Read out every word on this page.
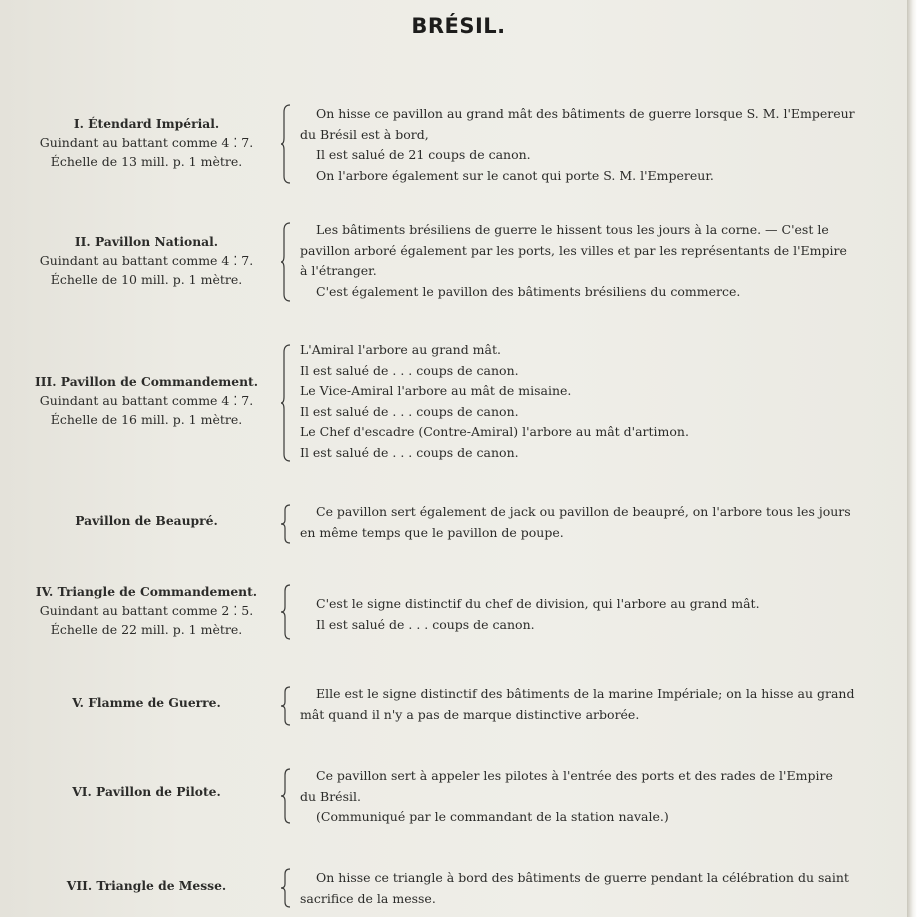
BRÉSIL.
I. Étendard Impérial.
Guindant au battant comme 4 ⁚ 7.
Échelle de 13 mill. p. 1 mètre.

On hisse ce pavillon au grand mât des bâtiments de guerre lorsque S. M. l'Empereur

du Brésil est à bord,

Il est salué de 21 coups de canon.

On l'arbore également sur le canot qui porte S. M. l'Empereur.

II. Pavillon National.
Guindant au battant comme 4 ⁚ 7.
Échelle de 10 mill. p. 1 mètre.

Les bâtiments brésiliens de guerre le hissent tous les jours à la corne. — C'est le

pavillon arboré également par les ports, les villes et par les représentants de l'Empire

à l'étranger.

C'est également le pavillon des bâtiments brésiliens du commerce.

III. Pavillon de Commandement.
Guindant au battant comme 4 ⁚ 7.
Échelle de 16 mill. p. 1 mètre.

L'Amiral l'arbore au grand mât.

Il est salué de . . . coups de canon.

Le Vice-Amiral l'arbore au mât de misaine.

Il est salué de . . . coups de canon.

Le Chef d'escadre (Contre-Amiral) l'arbore au mât d'artimon.

Il est salué de . . . coups de canon.

Pavillon de Beaupré.

Ce pavillon sert également de jack ou pavillon de beaupré, on l'arbore tous les jours

en même temps que le pavillon de poupe.

IV. Triangle de Commandement.
Guindant au battant comme 2 ⁚ 5.
Échelle de 22 mill. p. 1 mètre.

C'est le signe distinctif du chef de division, qui l'arbore au grand mât.

Il est salué de . . . coups de canon.

V. Flamme de Guerre.

Elle est le signe distinctif des bâtiments de la marine Impériale; on la hisse au grand

mât quand il n'y a pas de marque distinctive arborée.

VI. Pavillon de Pilote.

Ce pavillon sert à appeler les pilotes à l'entrée des ports et des rades de l'Empire

du Brésil.

(Communiqué par le commandant de la station navale.)

VII. Triangle de Messe.

On hisse ce triangle à bord des bâtiments de guerre pendant la célébration du saint

sacrifice de la messe.
